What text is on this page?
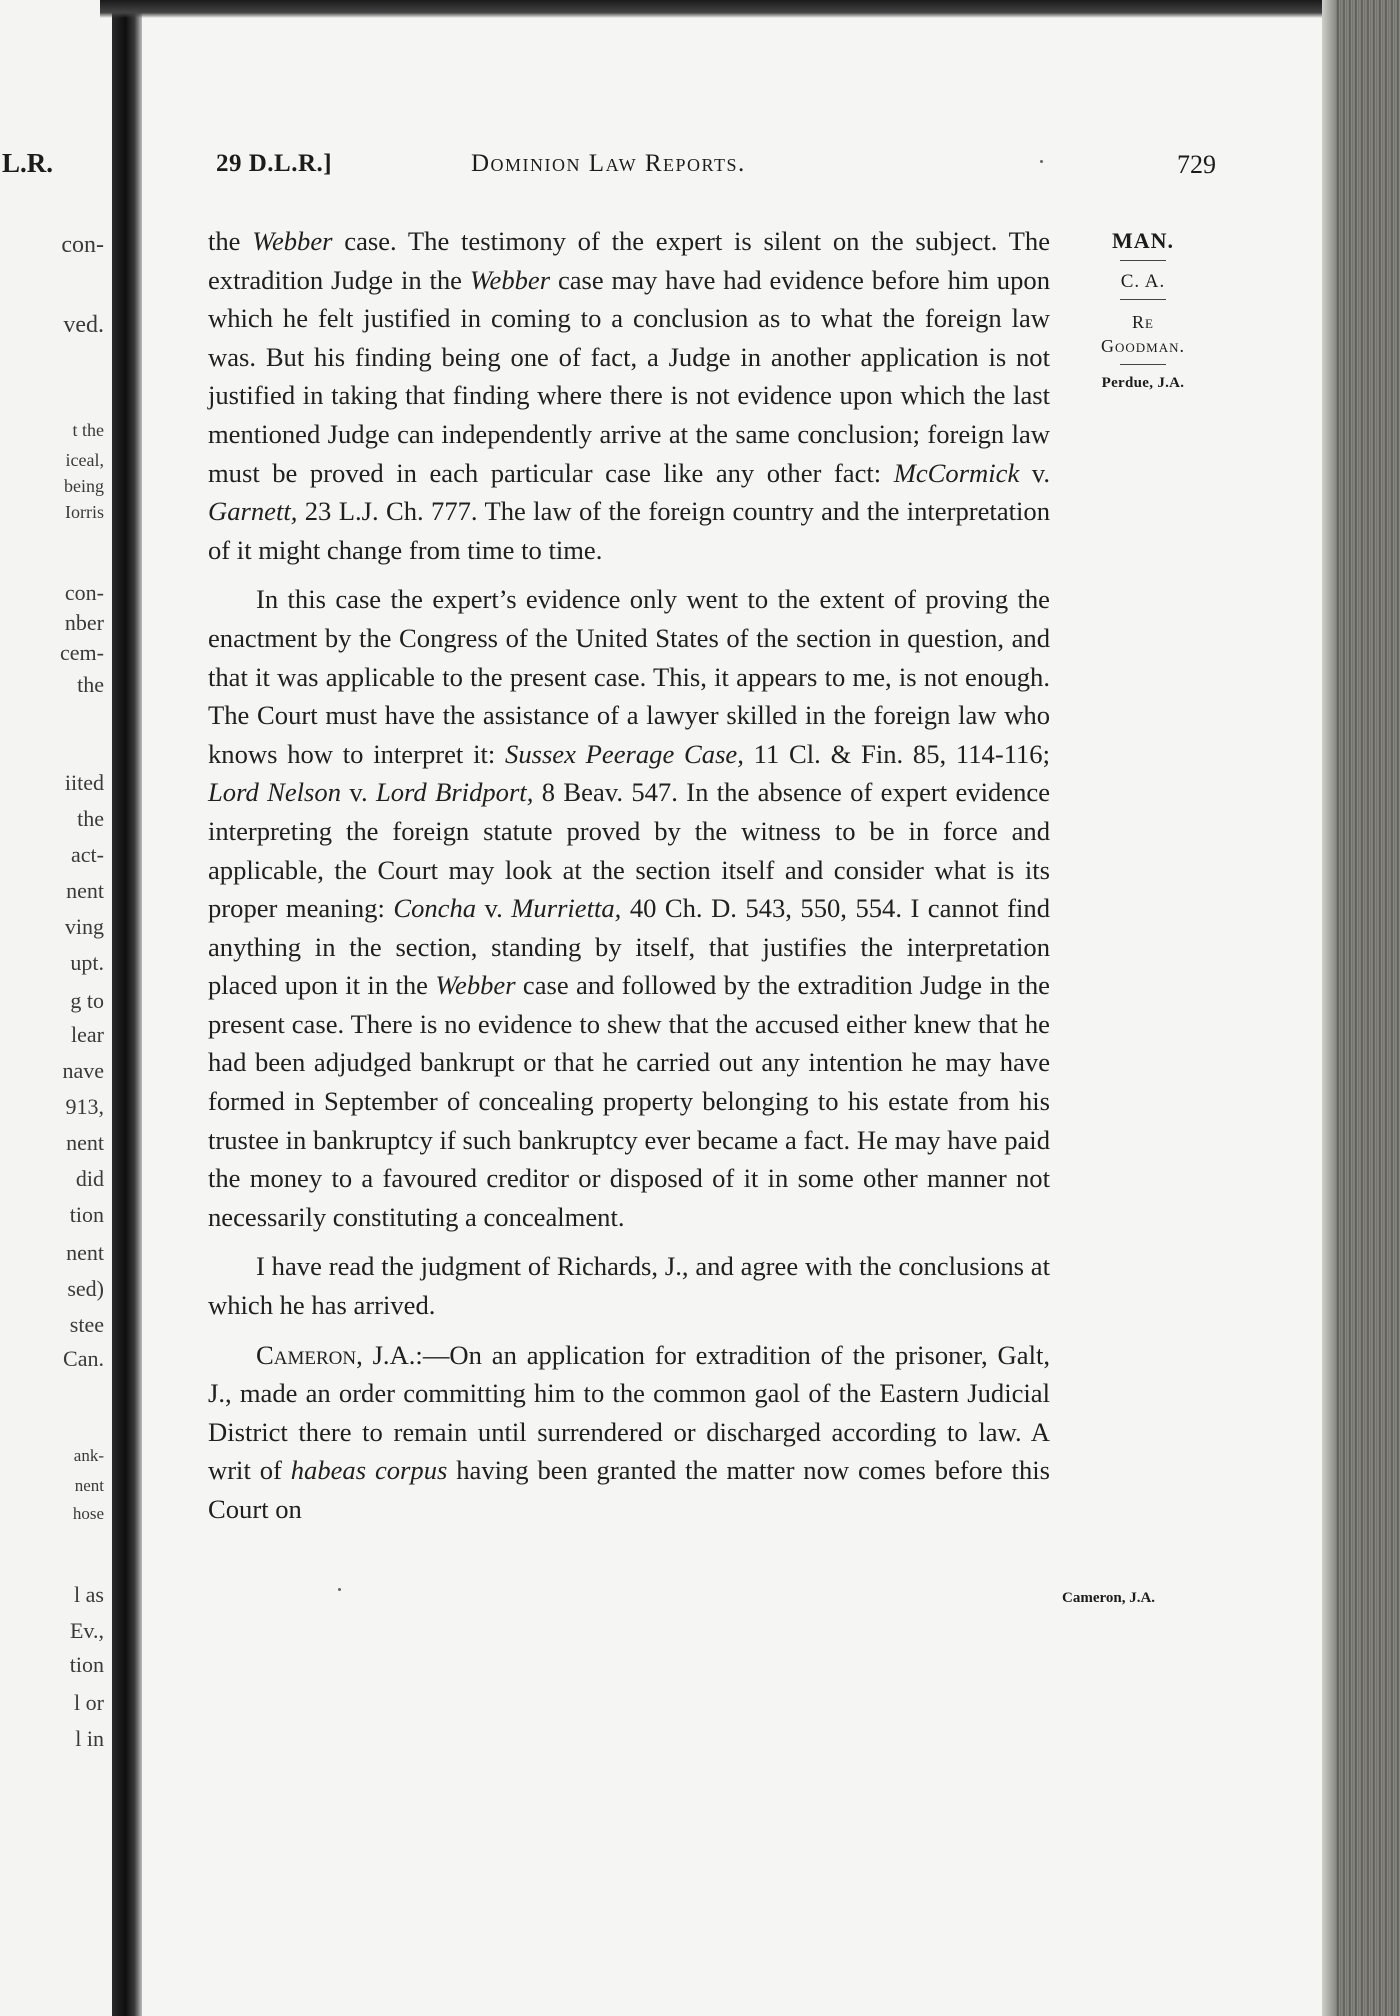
L.R.
con-
ved.
t the
iceal,
being
Iorris
con-
nber
cem-
the
iited
the
act-
nent
ving
upt.
g to
lear
nave
913,
nent
did
tion
nent
sed)
stee
Can.
ank-
nent
hose
l as
Ev.,
tion
l or
l in
29 D.L.R.]	Dominion Law Reports.	729
MAN.
C. A.
Re
Goodman.
Perdue, J.A.
Cameron, J.A.

the Webber case. The testimony of the expert is silent on the subject. The extradition Judge in the Webber case may have had evidence before him upon which he felt justified in coming to a conclusion as to what the foreign law was. But his finding being one of fact, a Judge in another application is not justified in taking that finding where there is not evidence upon which the last mentioned Judge can independently arrive at the same conclusion; foreign law must be proved in each particular case like any other fact: McCormick v. Garnett, 23 L.J. Ch. 777. The law of the foreign country and the interpretation of it might change from time to time.

In this case the expert’s evidence only went to the extent of proving the enactment by the Congress of the United States of the section in question, and that it was applicable to the present case. This, it appears to me, is not enough. The Court must have the assistance of a lawyer skilled in the foreign law who knows how to interpret it: Sussex Peerage Case, 11 Cl. & Fin. 85, 114-116; Lord Nelson v. Lord Bridport, 8 Beav. 547. In the absence of expert evidence interpreting the foreign statute proved by the witness to be in force and applicable, the Court may look at the section itself and consider what is its proper meaning: Concha v. Murrietta, 40 Ch. D. 543, 550, 554. I cannot find anything in the section, standing by itself, that justifies the interpretation placed upon it in the Webber case and followed by the extradition Judge in the present case. There is no evidence to shew that the accused either knew that he had been adjudged bankrupt or that he carried out any intention he may have formed in September of concealing property belonging to his estate from his trustee in bankruptcy if such bankruptcy ever became a fact. He may have paid the money to a favoured creditor or disposed of it in some other manner not necessarily constituting a concealment.

I have read the judgment of Richards, J., and agree with the conclusions at which he has arrived.

Cameron, J.A.:—On an application for extradition of the prisoner, Galt, J., made an order committing him to the common gaol of the Eastern Judicial District there to remain until surrendered or discharged according to law. A writ of habeas corpus having been granted the matter now comes before this Court on
